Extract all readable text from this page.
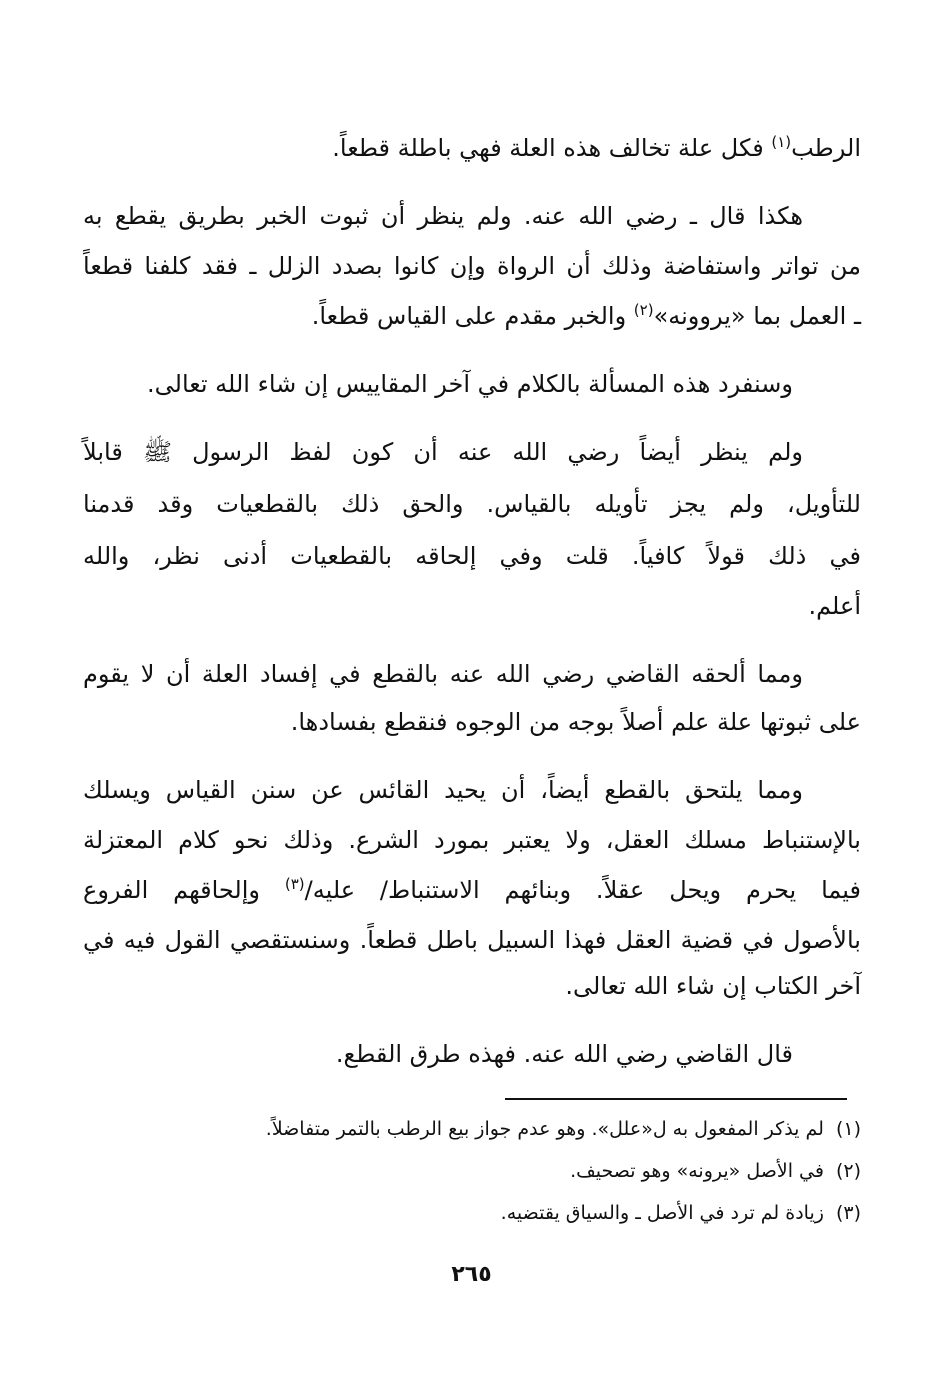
الرطب$^{(١)}$ فكل علة تخالف هذه العلة فهي باطلة قطعاً.
هكذا قال ـ رضي الله عنه. ولم ينظر أن ثبوت الخبر بطريق يقطع به
من تواتر واستفاضة وذلك أن الرواة وإن كانوا بصدد الزلل ـ فقد كلفنا قطعاً
ـ العمل بما «يروونه»$^{(٢)}$ والخبر مقدم على القياس قطعاً.
وسنفرد هذه المسألة بالكلام في آخر المقاييس إن شاء الله تعالى.
ولم ينظر أيضاً رضي الله عنه أن كون لفظ الرسول ﷺ قابلاً
للتأويل، ولم يجز تأويله بالقياس. والحق ذلك بالقطعيات وقد قدمنا
في ذلك قولاً كافياً. قلت وفي إلحاقه بالقطعيات أدنى نظر، والله
أعلم.
ومما ألحقه القاضي رضي الله عنه بالقطع في إفساد العلة أن لا يقوم
على ثبوتها علة علم أصلاً بوجه من الوجوه فنقطع بفسادها.
ومما يلتحق بالقطع أيضاً، أن يحيد القائس عن سنن القياس ويسلك
بالإستنباط مسلك العقل، ولا يعتبر بمورد الشرع. وذلك نحو كلام المعتزلة
فيما يحرم ويحل عقلاً. وبنائهم الاستنباط/ عليه/$^{(٣)}$ وإلحاقهم الفروع
بالأصول في قضية العقل فهذا السبيل باطل قطعاً. وسنستقصي القول فيه في
آخر الكتاب إن شاء الله تعالى.
قال القاضي رضي الله عنه. فهذه طرق القطع.
(١)لم يذكر المفعول به ل«علل». وهو عدم جواز بيع الرطب بالتمر متفاضلاً.
(٢)في الأصل «يرونه» وهو تصحيف.
(٣)زيادة لم ترد في الأصل ـ والسياق يقتضيه.
٢٦٥
